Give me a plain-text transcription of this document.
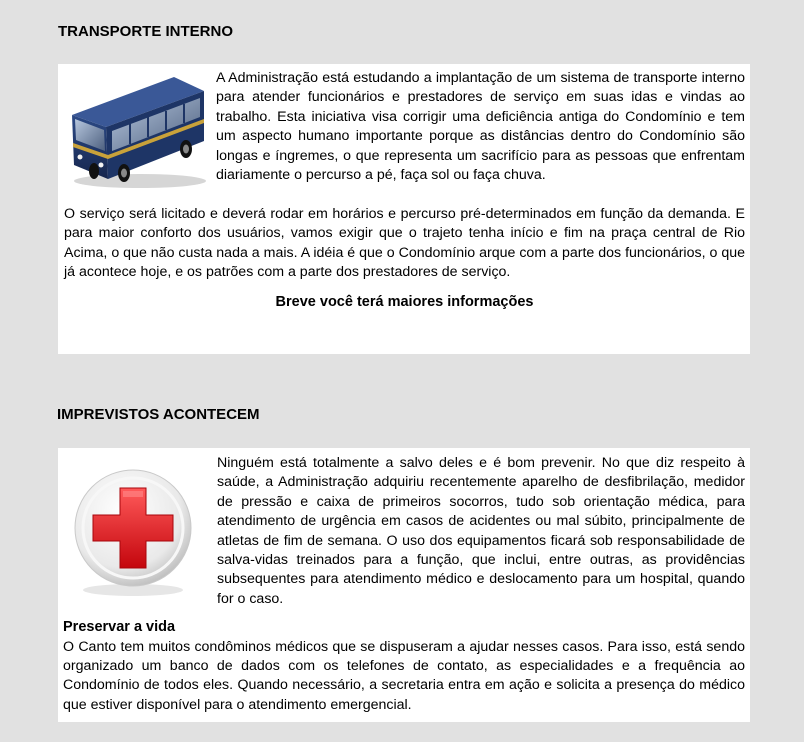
TRANSPORTE INTERNO

A Administração está estudando a implantação de um sistema de transporte interno para atender funcionários e prestadores de serviço em suas idas e vindas ao trabalho. Esta iniciativa visa corrigir uma deficiência antiga do Condomínio e tem um aspecto humano importante porque as distâncias dentro do Condomínio são longas e íngremes, o que representa um sacrifício para as pessoas que enfrentam diariamente o percurso a pé, faça sol ou faça chuva.

O serviço será licitado e deverá rodar em horários e percurso pré-determinados em função da demanda. E para maior conforto dos usuários, vamos exigir que o trajeto tenha início e fim na praça central de Rio Acima, o que não custa nada a mais. A idéia é que o Condomínio arque com a parte dos funcionários, o que já acontece hoje, e os patrões com a parte dos prestadores de serviço.

Breve você terá maiores informações

IMPREVISTOS ACONTECEM

Ninguém está totalmente a salvo deles e é bom prevenir. No que diz respeito à saúde, a Administração adquiriu recentemente aparelho de desfibrilação, medidor de pressão e caixa de primeiros socorros, tudo sob orientação médica, para atendimento de urgência em casos de acidentes ou mal súbito, principalmente de atletas de fim de semana. O uso dos equipamentos ficará sob responsabilidade de salva-vidas treinados para a função, que inclui, entre outras, as providências subsequentes para atendimento médico e deslocamento para um hospital, quando for o caso.

Preservar a vida

O Canto tem muitos condôminos médicos que se dispuseram a ajudar nesses casos. Para isso, está sendo organizado um banco de dados com os telefones de contato, as especialidades e a frequência ao Condomínio de todos eles. Quando necessário, a secretaria entra em ação e solicita a presença do médico que estiver disponível para o atendimento emergencial.
